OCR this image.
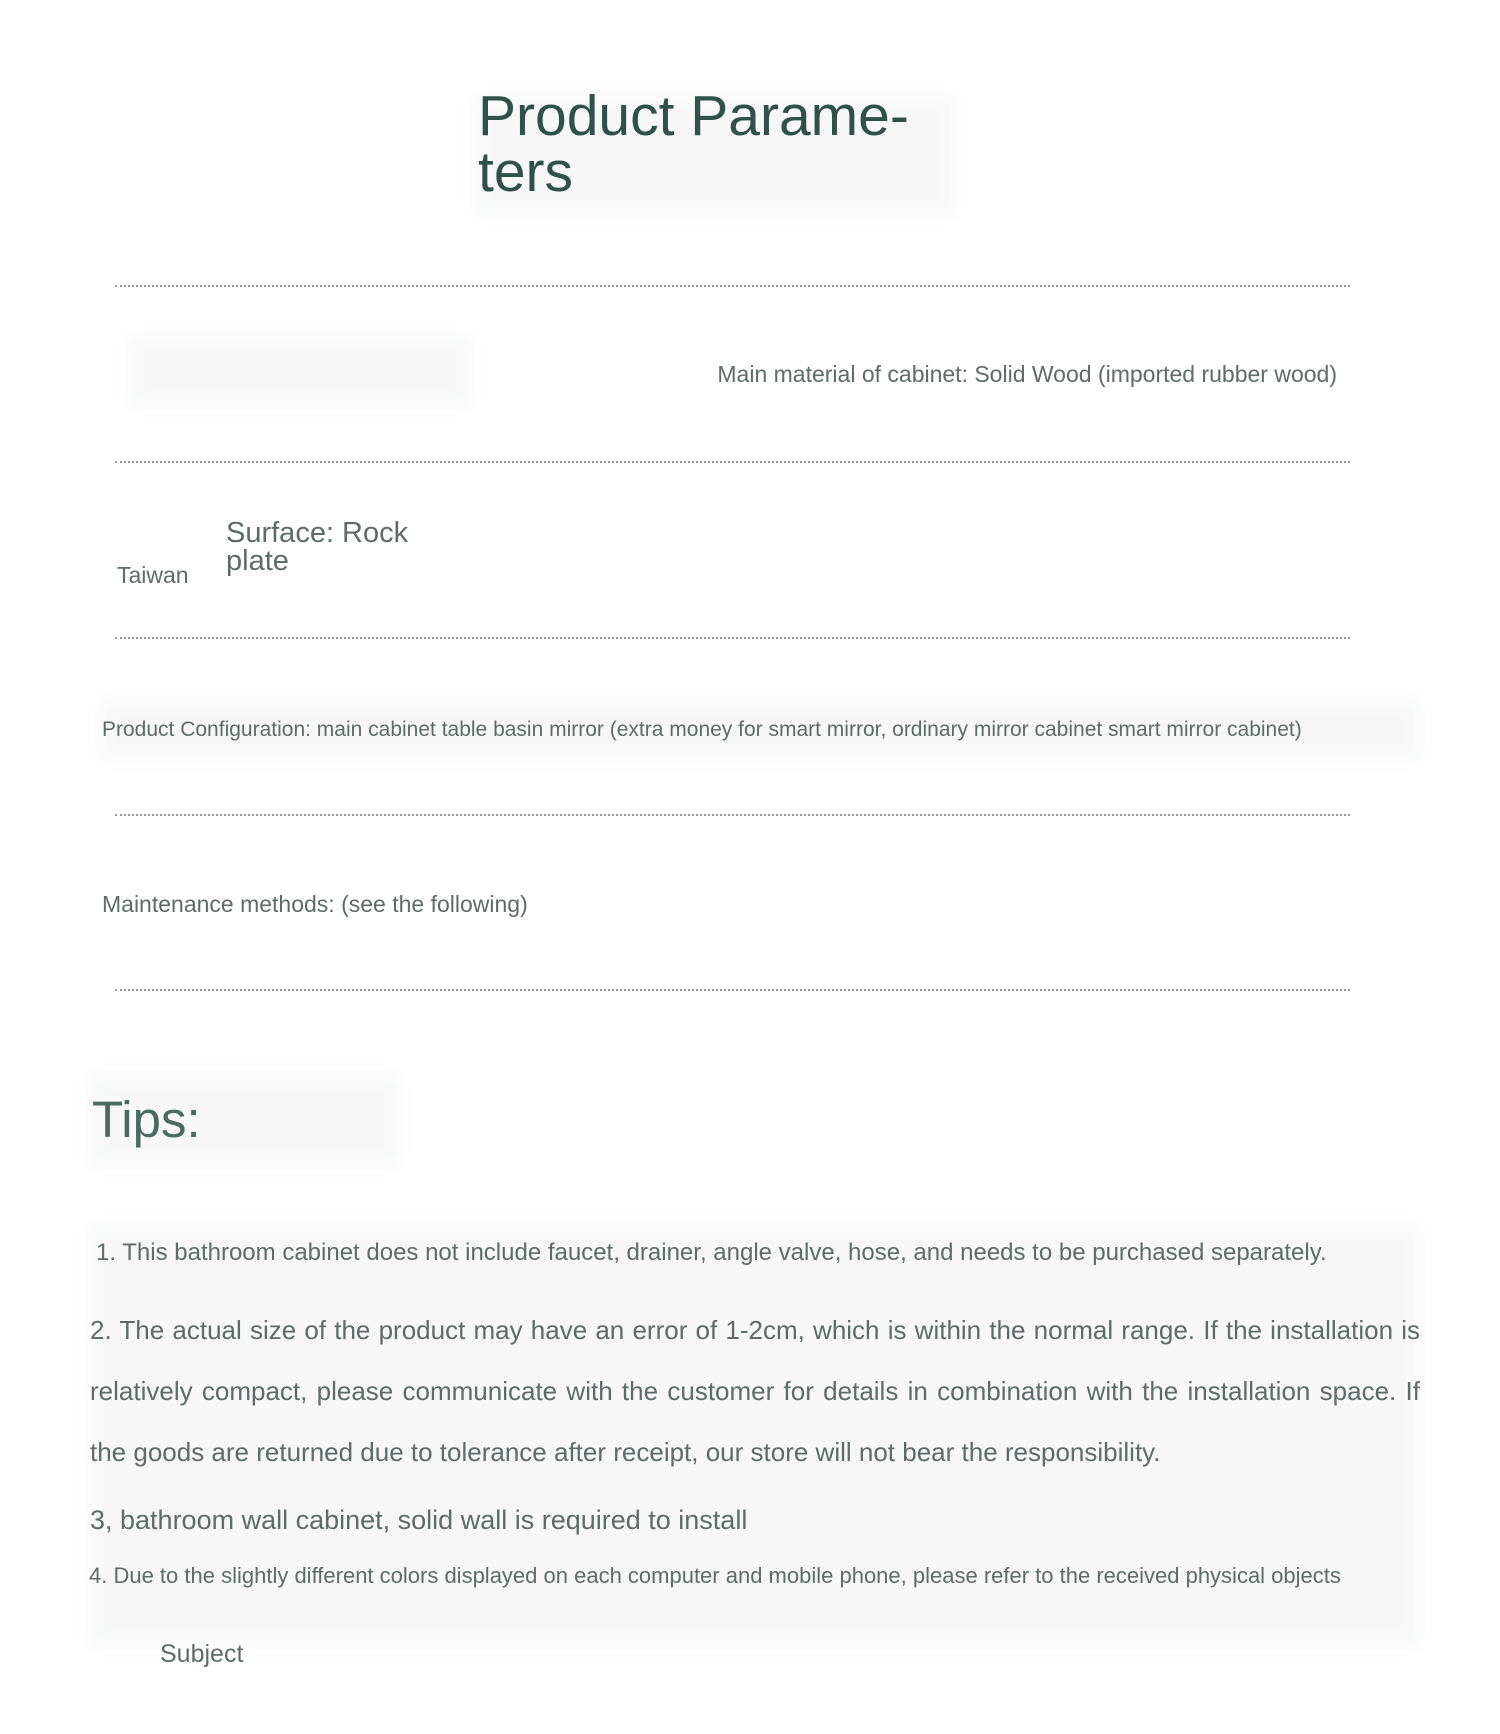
Product Parame-
ters
Main material of cabinet: Solid Wood (imported rubber wood)
Taiwan
Surface: Rock plate
Product Configuration: main cabinet table basin mirror (extra money for smart mirror, ordinary mirror cabinet smart mirror cabinet)
Maintenance methods: (see the following)
Tips:
1. This bathroom cabinet does not include faucet, drainer, angle valve, hose, and needs to be purchased separately.
2. The actual size of the product may have an error of 1-2cm, which is within the normal range. If the installation is relatively compact, please communicate with the customer for details in combination with the installation space. If the goods are returned due to tolerance after receipt, our store will not bear the responsibility.
3, bathroom wall cabinet, solid wall is required to install
4. Due to the slightly different colors displayed on each computer and mobile phone, please refer to the received physical objects
Subject
